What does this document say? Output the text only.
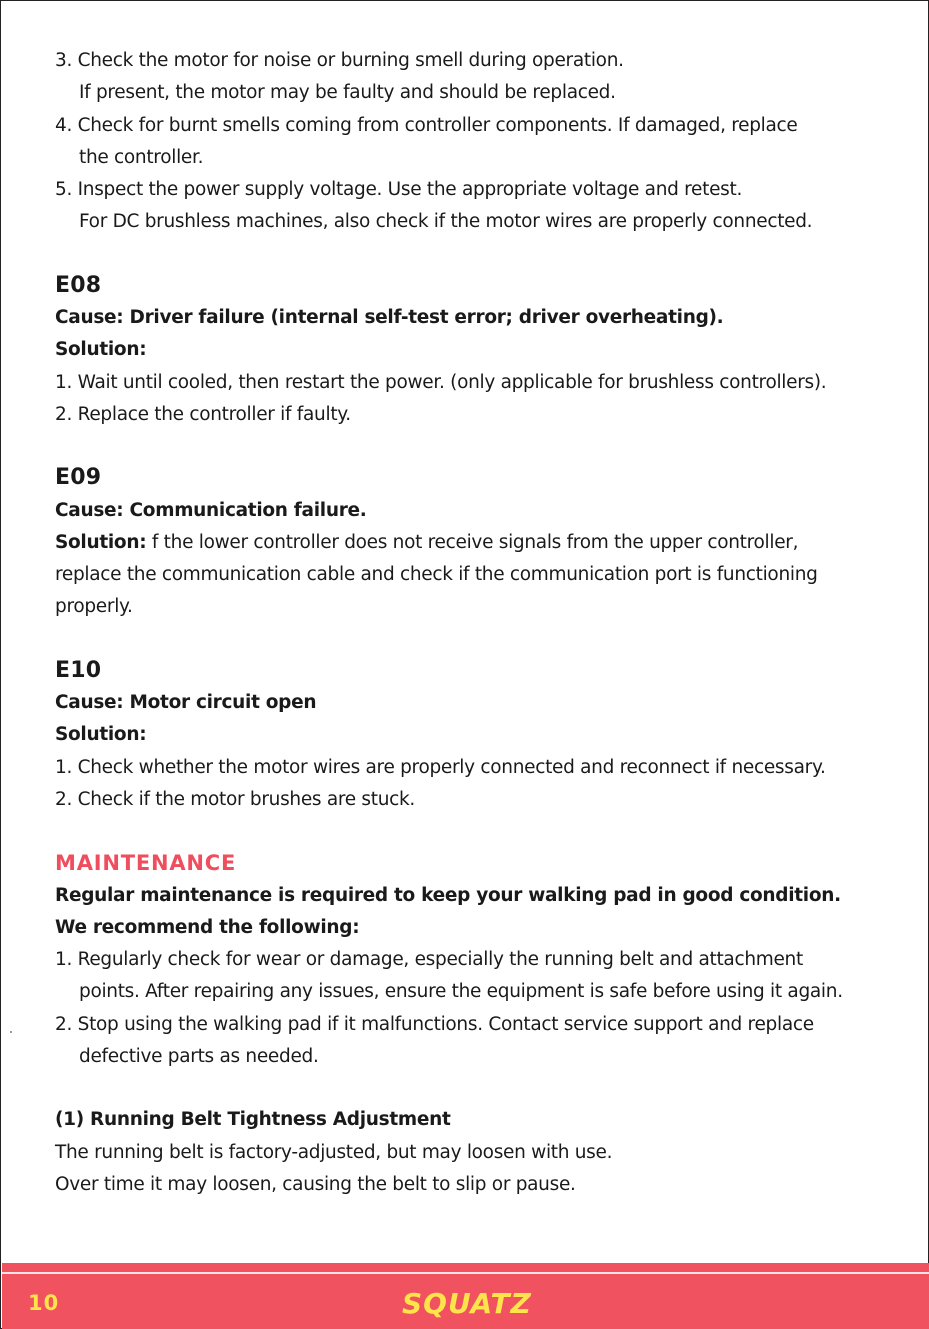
3. Check the motor for noise or burning smell during operation.
If present, the motor may be faulty and should be replaced.
4. Check for burnt smells coming from controller components. If damaged, replace
the controller.
5. Inspect the power supply voltage. Use the appropriate voltage and retest.
For DC brushless machines, also check if the motor wires are properly connected.
E08
Cause: Driver failure (internal self-test error; driver overheating).
Solution:
1. Wait until cooled, then restart the power. (only applicable for brushless controllers).
2. Replace the controller if faulty.
E09
Cause: Communication failure.
Solution: f the lower controller does not receive signals from the upper controller,
replace the communication cable and check if the communication port is functioning
properly.
E10
Cause: Motor circuit open
Solution:
1. Check whether the motor wires are properly connected and reconnect if necessary.
2. Check if the motor brushes are stuck.
MAINTENANCE
Regular maintenance is required to keep your walking pad in good condition.
We recommend the following:
1. Regularly check for wear or damage, especially the running belt and attachment
points. After repairing any issues, ensure the equipment is safe before using it again.
2. Stop using the walking pad if it malfunctions. Contact service support and replace
defective parts as needed.
(1) Running Belt Tightness Adjustment
The running belt is factory-adjusted, but may loosen with use.
Over time it may loosen, causing the belt to slip or pause.
10	SQUATZ
